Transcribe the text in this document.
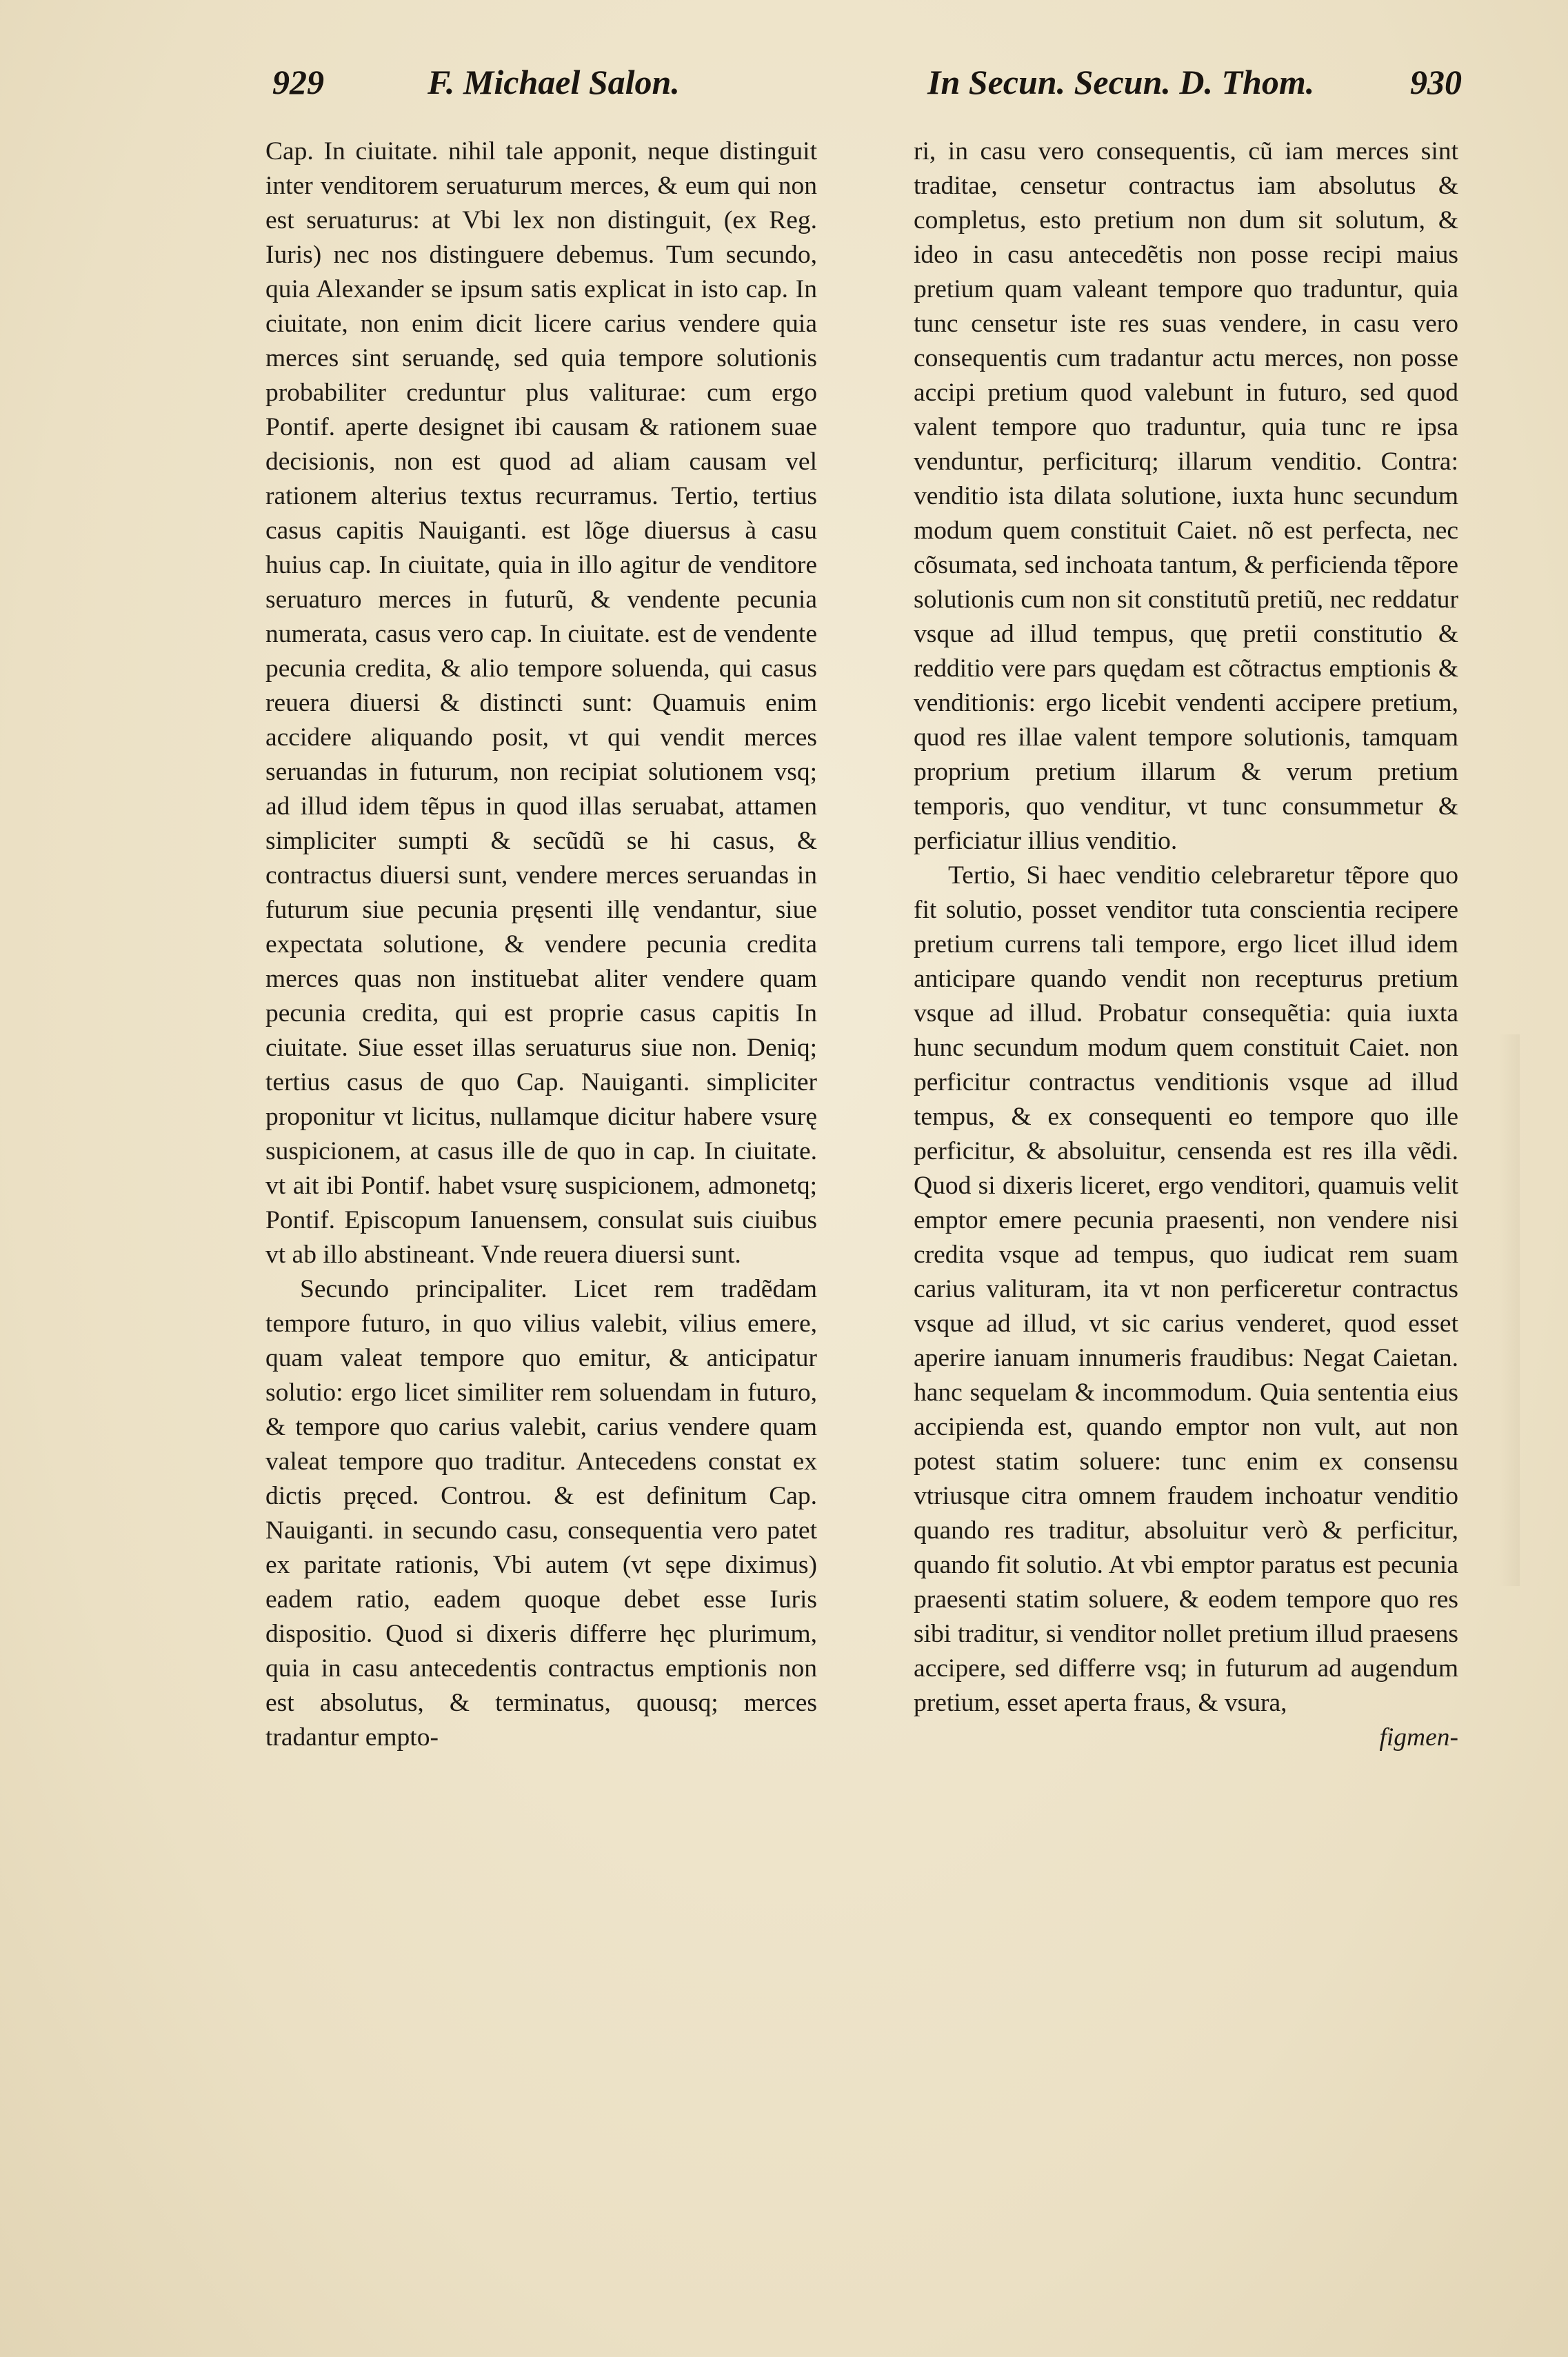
929	F. Michael Salon.	In Secun. Secun. D. Thom.	930

Cap. In ciuitate. nihil tale apponit, neque distinguit inter venditorem seruaturum merces, & eum qui non est seruaturus: at Vbi lex non distinguit, (ex Reg. Iuris) nec nos distinguere debemus. Tum secundo, quia Alexander se ipsum satis explicat in isto cap. In ciuitate, non enim dicit licere carius vendere quia merces sint seruandę, sed quia tempore solutionis probabiliter creduntur plus valiturae: cum ergo Pontif. aperte designet ibi causam & rationem suae decisionis, non est quod ad aliam causam vel rationem alterius textus recurramus. Tertio, tertius casus capitis Nauiganti. est lõge diuersus à casu huius cap. In ciuitate, quia in illo agitur de venditore seruaturo merces in futurũ, & vendente pecunia numerata, casus vero cap. In ciuitate. est de vendente pecunia credita, & alio tempore soluenda, qui casus reuera diuersi & distincti sunt: Quamuis enim accidere aliquando posit, vt qui vendit merces seruandas in futurum, non recipiat solutionem vsq; ad illud idem tẽpus in quod illas seruabat, attamen simpliciter sumpti & secũdũ se hi casus, & contractus diuersi sunt, vendere merces seruandas in futurum siue pecunia pręsenti illę vendantur, siue expectata solutione, & vendere pecunia credita merces quas non instituebat aliter vendere quam pecunia credita, qui est proprie casus capitis In ciuitate. Siue esset illas seruaturus siue non. Deniq; tertius casus de quo Cap. Nauiganti. simpliciter proponitur vt licitus, nullamque dicitur habere vsurę suspicionem, at casus ille de quo in cap. In ciuitate. vt ait ibi Pontif. habet vsurę suspicionem, admonetq; Pontif. Episcopum Ianuensem, consulat suis ciuibus vt ab illo abstineant. Vnde reuera diuersi sunt.

Secundo principaliter. Licet rem tradẽdam tempore futuro, in quo vilius valebit, vilius emere, quam valeat tempore quo emitur, & anticipatur solutio: ergo licet similiter rem soluendam in futuro, & tempore quo carius valebit, carius vendere quam valeat tempore quo traditur. Antecedens constat ex dictis pręced. Controu. & est definitum Cap. Nauiganti. in secundo casu, consequentia vero patet ex paritate rationis, Vbi autem (vt sępe diximus) eadem ratio, eadem quoque debet esse Iuris dispositio. Quod si dixeris differre hęc plurimum, quia in casu antecedentis contractus emptionis non est absolutus, & terminatus, quousq; merces tradantur empto-

ri, in casu vero consequentis, cũ iam merces sint traditae, censetur contractus iam absolutus & completus, esto pretium non dum sit solutum, & ideo in casu antecedẽtis non posse recipi maius pretium quam valeant tempore quo traduntur, quia tunc censetur iste res suas vendere, in casu vero consequentis cum tradantur actu merces, non posse accipi pretium quod valebunt in futuro, sed quod valent tempore quo traduntur, quia tunc re ipsa venduntur, perficiturq; illarum venditio. Contra: venditio ista dilata solutione, iuxta hunc secundum modum quem constituit Caiet. nõ est perfecta, nec cõsumata, sed inchoata tantum, & perficienda tẽpore solutionis cum non sit constitutũ pretiũ, nec reddatur vsque ad illud tempus, quę pretii constitutio & redditio vere pars quędam est cõtractus emptionis & venditionis: ergo licebit vendenti accipere pretium, quod res illae valent tempore solutionis, tamquam proprium pretium illarum & verum pretium temporis, quo venditur, vt tunc consummetur & perficiatur illius venditio.

Tertio, Si haec venditio celebraretur tẽpore quo fit solutio, posset venditor tuta conscientia recipere pretium currens tali tempore, ergo licet illud idem anticipare quando vendit non recepturus pretium vsque ad illud. Probatur consequẽtia: quia iuxta hunc secundum modum quem constituit Caiet. non perficitur contractus venditionis vsque ad illud tempus, & ex consequenti eo tempore quo ille perficitur, & absoluitur, censenda est res illa vẽdi. Quod si dixeris liceret, ergo venditori, quamuis velit emptor emere pecunia praesenti, non vendere nisi credita vsque ad tempus, quo iudicat rem suam carius valituram, ita vt non perficeretur contractus vsque ad illud, vt sic carius venderet, quod esset aperire ianuam innumeris fraudibus: Negat Caietan. hanc sequelam & incommodum. Quia sententia eius accipienda est, quando emptor non vult, aut non potest statim soluere: tunc enim ex consensu vtriusque citra omnem fraudem inchoatur venditio quando res traditur, absoluitur verò & perficitur, quando fit solutio. At vbi emptor paratus est pecunia praesenti statim soluere, & eodem tempore quo res sibi traditur, si venditor nollet pretium illud praesens accipere, sed differre vsq; in futurum ad augendum pretium, esset aperta fraus, & vsura,

figmen-
